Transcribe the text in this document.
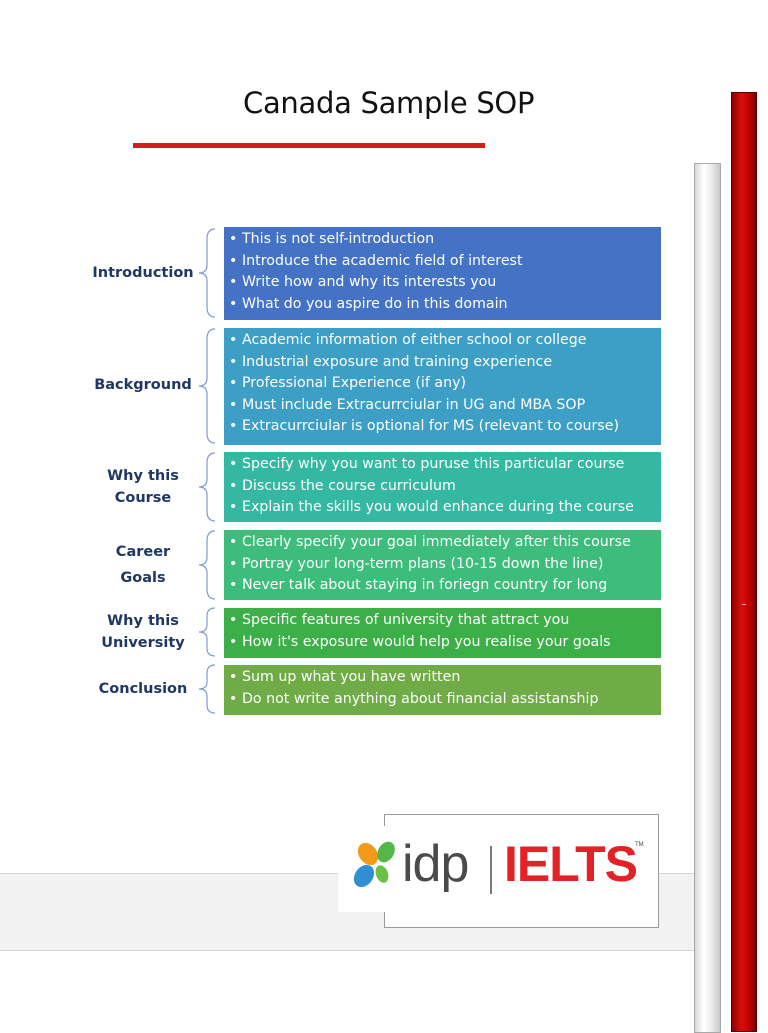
Canada Sample SOP
Introduction
• This is not self-introduction
• Introduce the academic field of interest
• Write how and why its interests you
• What do you aspire do in this domain
Background
• Academic information of either school or college
• Industrial exposure and training experience
• Professional Experience (if any)
• Must include Extracurrciular in UG and MBA SOP
• Extracurrciular is optional for MS (relevant to course)
Why this Course
• Specify why you want to puruse this particular course
• Discuss the course curriculum
• Explain the skills you would enhance during the course
Career Goals
• Clearly specify your goal immediately after this course
• Portray your long-term plans (10-15 down the line)
• Never talk about staying in foriegn country for long
Why this University
• Specific features of university that attract you
• How it's exposure would help you realise your goals
Conclusion
• Sum up what you have written
• Do not write anything about financial assistanship
idp IELTS
TM
